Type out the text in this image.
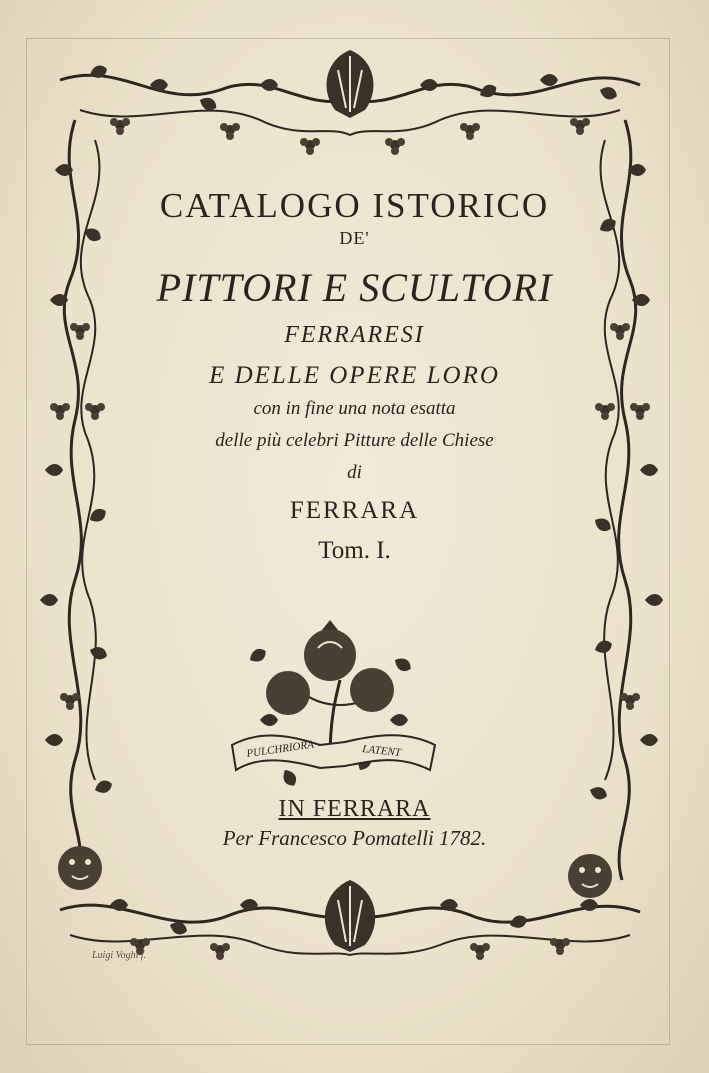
PULCHRIORA	LATENT
CATALOGO ISTORICO
DE'
PITTORI E SCULTORI
FERRARESI
E DELLE OPERE LORO
con in fine una nota esatta
delle più celebri Pitture delle Chiese
di
FERRARA
Tom. I.
IN FERRARA
Per Francesco Pomatelli 1782.
Luigi Voghi f.
